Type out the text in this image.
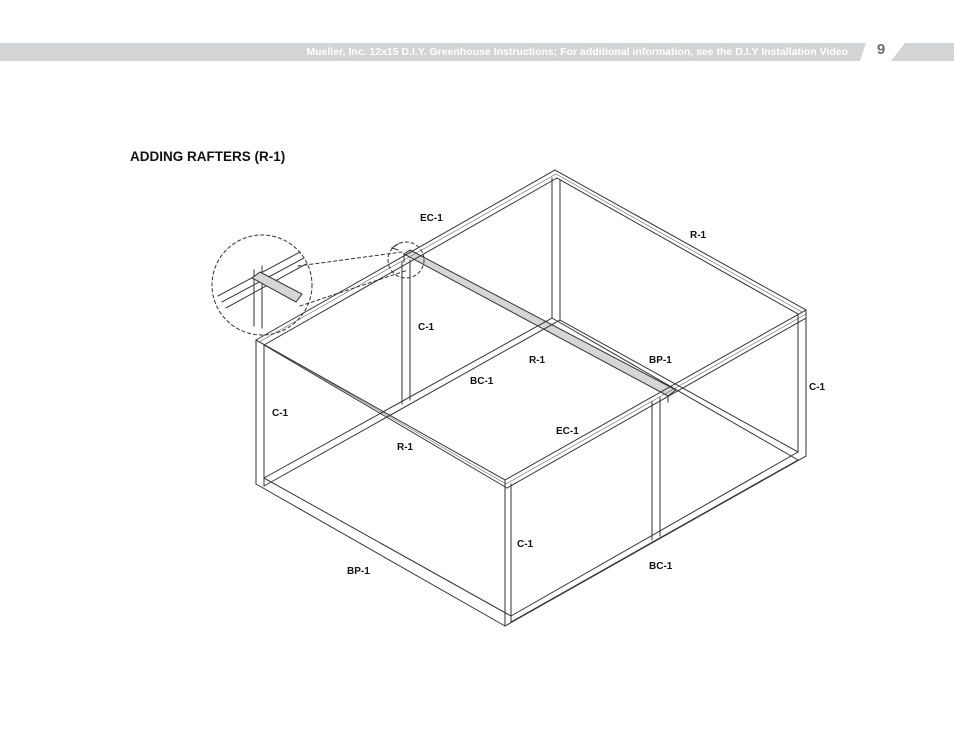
Mueller, Inc. 12x15 D.I.Y. Greenhouse Instructions; For additional information, see the D.I.Y Installation Video	9
ADDING RAFTERS (R-1)
EC-1
R-1
C-1
R-1	BP-1
BC-1
C-1
C-1
EC-1
R-1
C-1
BP-1	BC-1
